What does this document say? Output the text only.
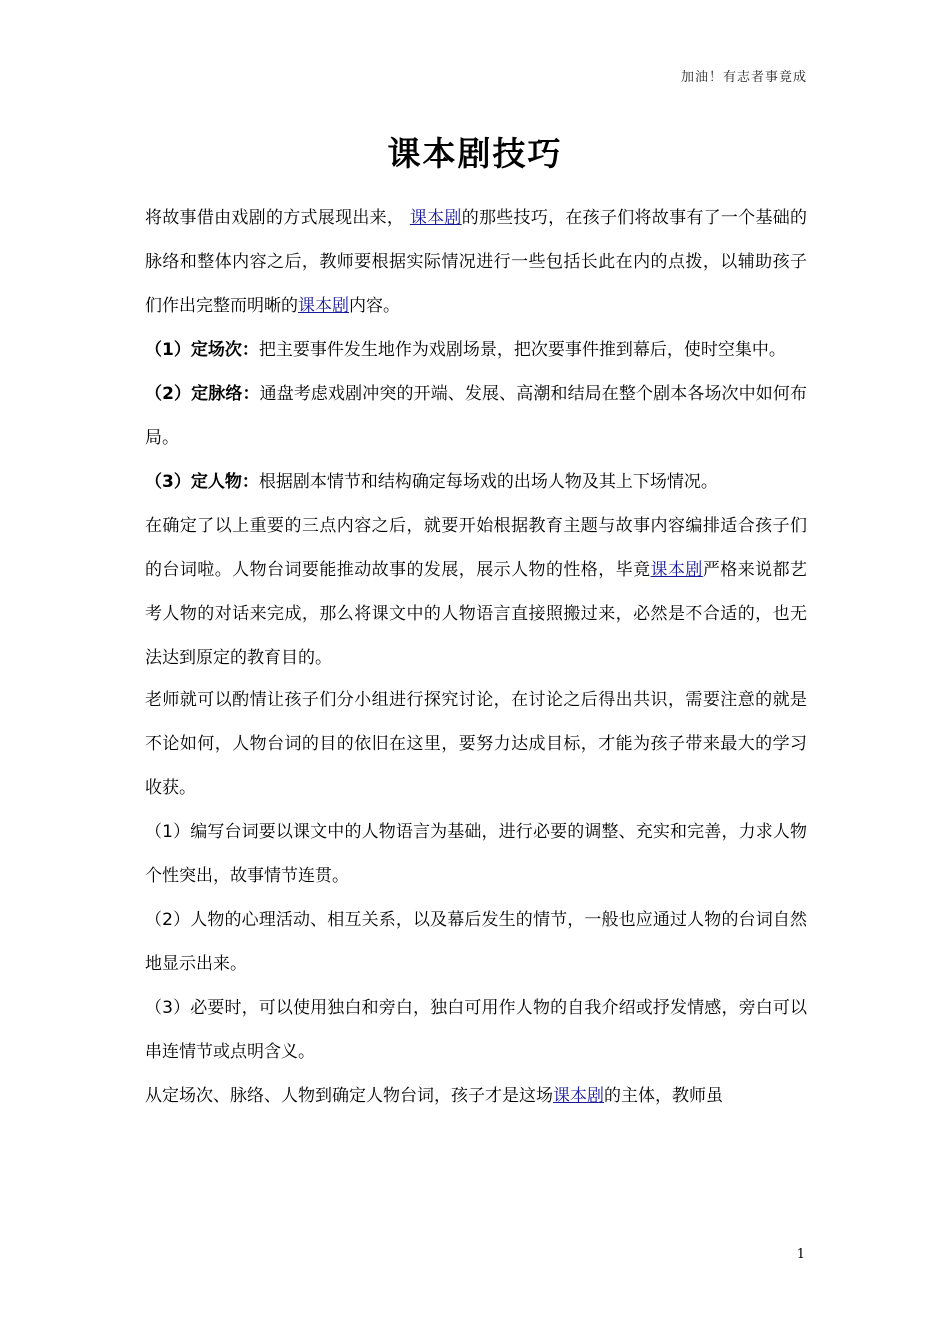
加油！有志者事竟成
课本剧技巧

将故事借由戏剧的方式展现出来， 课本剧的那些技巧，在孩子们将故事有了一个基础的脉络和整体内容之后，教师要根据实际情况进行一些包括长此在内的点拨，以辅助孩子们作出完整而明晰的课本剧内容。

（1）定场次：把主要事件发生地作为戏剧场景，把次要事件推到幕后，使时空集中。

（2）定脉络：通盘考虑戏剧冲突的开端、发展、高潮和结局在整个剧本各场次中如何布局。

（3）定人物：根据剧本情节和结构确定每场戏的出场人物及其上下场情况。

在确定了以上重要的三点内容之后，就要开始根据教育主题与故事内容编排适合孩子们的台词啦。人物台词要能推动故事的发展，展示人物的性格，毕竟课本剧严格来说都艺考人物的对话来完成，那么将课文中的人物语言直接照搬过来，必然是不合适的，也无法达到原定的教育目的。

老师就可以酌情让孩子们分小组进行探究讨论，在讨论之后得出共识，需要注意的就是不论如何，人物台词的目的依旧在这里，要努力达成目标，才能为孩子带来最大的学习收获。

（1）编写台词要以课文中的人物语言为基础，进行必要的调整、充实和完善，力求人物个性突出，故事情节连贯。

（2）人物的心理活动、相互关系，以及幕后发生的情节，一般也应通过人物的台词自然地显示出来。

（3）必要时，可以使用独白和旁白，独白可用作人物的自我介绍或抒发情感，旁白可以串连情节或点明含义。

从定场次、脉络、人物到确定人物台词，孩子才是这场课本剧的主体，教师虽

1
